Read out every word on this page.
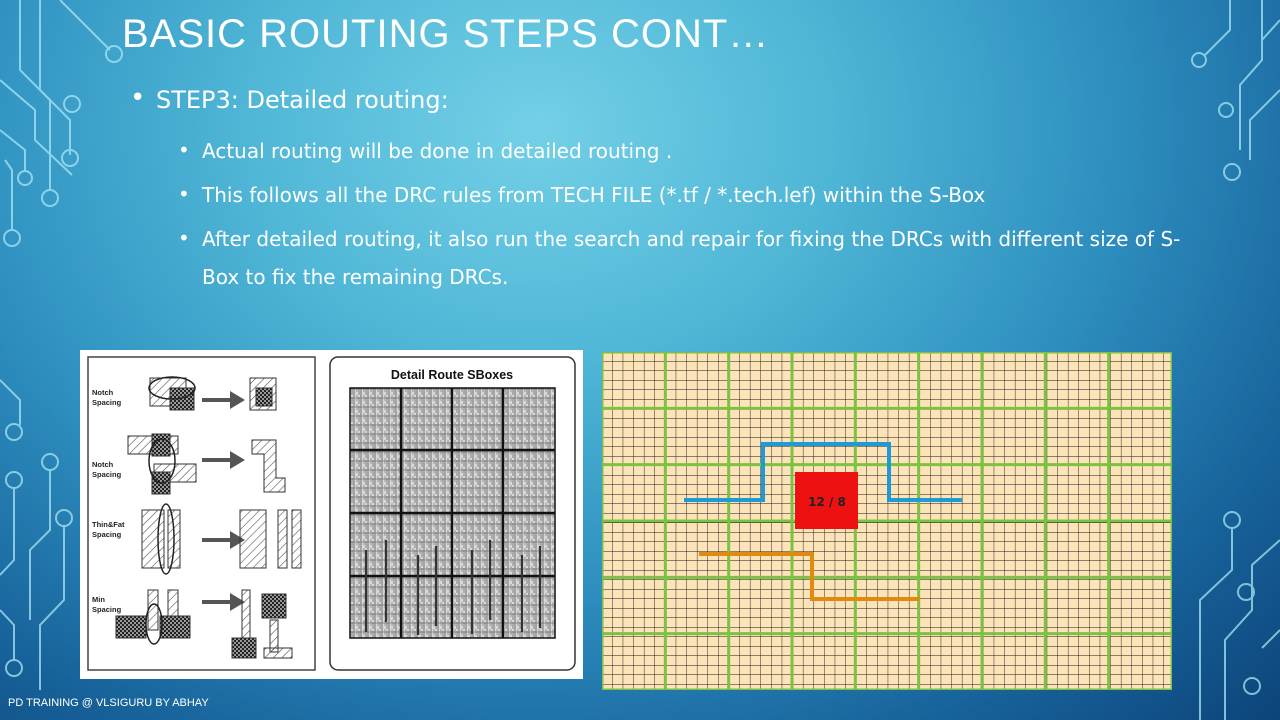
BASIC ROUTING STEPS CONT…
• STEP3: Detailed routing:
• Actual routing will be done in detailed routing .
• This follows all the DRC rules from TECH FILE (*.tf / *.tech.lef) within the S-Box
• After detailed routing, it also run the search and repair for fixing the DRCs with different size of S-Box to fix the remaining DRCs.
Notch
Spacing
Notch
Spacing
Thin&Fat
Spacing
Min
Spacing
Detail Route SBoxes
12 / 8
PD TRAINING @ VLSIGURU BY ABHAY
